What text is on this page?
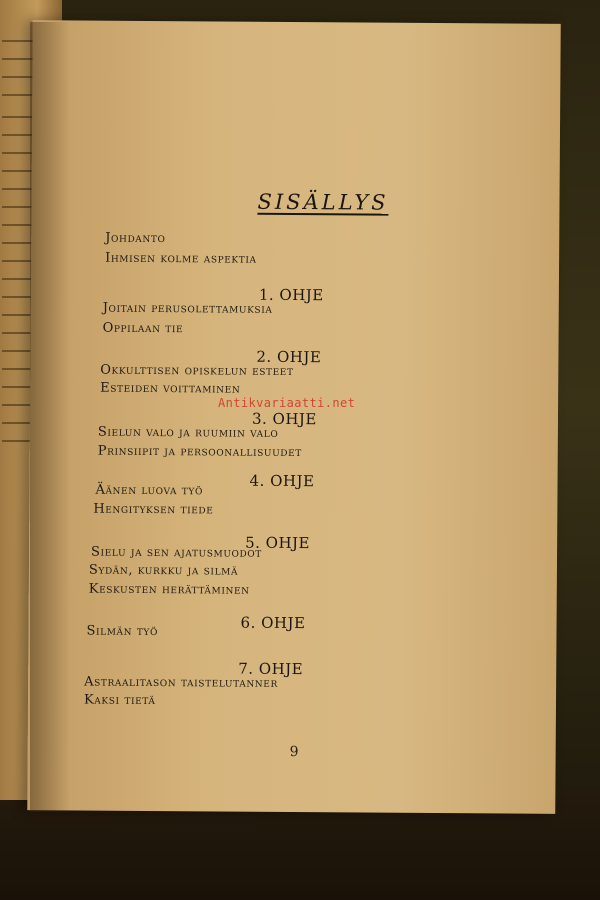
SISÄLLYS
Johdanto
Ihmisen kolme aspektia
1. OHJE
Joitain perusolettamuksia
Oppilaan tie
2. OHJE
Okkulttisen opiskelun esteet
Esteiden voittaminen
3. OHJE
Sielun valo ja ruumiin valo
Prinsiipit ja persoonallisuudet
4. OHJE
Äänen luova työ
Hengityksen tiede
5. OHJE
Sielu ja sen ajatusmuodot
Sydän, kurkku ja silmä
Keskusten herättäminen
6. OHJE
Silmän työ
7. OHJE
Astraalitason taistelutanner
Kaksi tietä
9
Antikvariaatti.net
